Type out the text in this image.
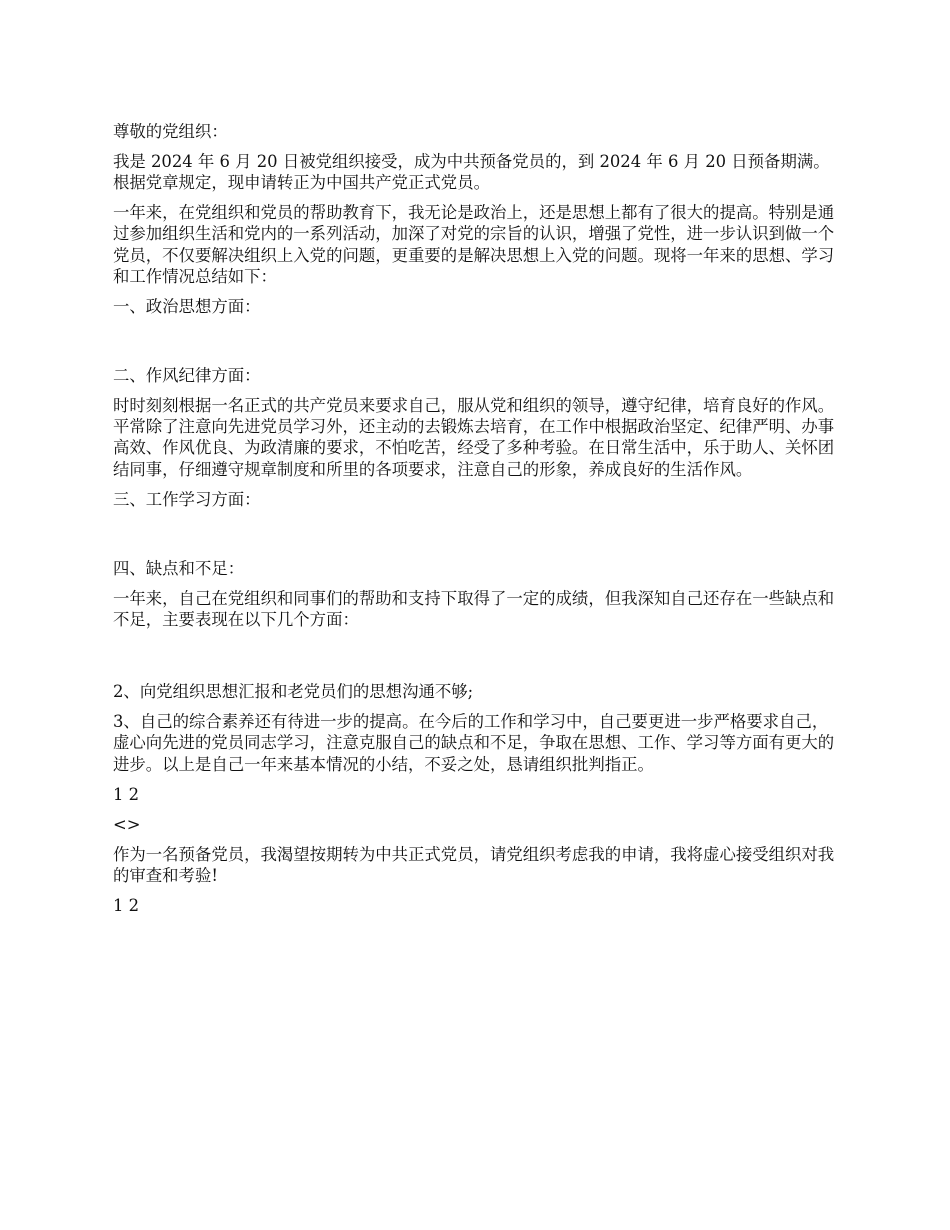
尊敬的党组织：

我是 2024 年 6 月 20 日被党组织接受，成为中共预备党员的，到 2024 年 6 月 20 日预备期满。根据党章规定，现申请转正为中国共产党正式党员。

一年来，在党组织和党员的帮助教育下，我无论是政治上，还是思想上都有了很大的提高。特别是通过参加组织生活和党内的一系列活动，加深了对党的宗旨的认识，增强了党性，进一步认识到做一个党员，不仅要解决组织上入党的问题，更重要的是解决思想上入党的问题。现将一年来的思想、学习和工作情况总结如下：

一、政治思想方面：

二、作风纪律方面：

时时刻刻根据一名正式的共产党员来要求自己，服从党和组织的领导，遵守纪律，培育良好的作风。平常除了注意向先进党员学习外，还主动的去锻炼去培育，在工作中根据政治坚定、纪律严明、办事高效、作风优良、为政清廉的要求，不怕吃苦，经受了多种考验。在日常生活中，乐于助人、关怀团结同事，仔细遵守规章制度和所里的各项要求，注意自己的形象，养成良好的生活作风。

三、工作学习方面：

四、缺点和不足：

一年来，自己在党组织和同事们的帮助和支持下取得了一定的成绩，但我深知自己还存在一些缺点和不足，主要表现在以下几个方面：

2、向党组织思想汇报和老党员们的思想沟通不够;

3、自己的综合素养还有待进一步的提高。在今后的工作和学习中，自己要更进一步严格要求自己，虚心向先进的党员同志学习，注意克服自己的缺点和不足，争取在思想、工作、学习等方面有更大的进步。以上是自己一年来基本情况的小结，不妥之处，恳请组织批判指正。

1 2

<>

作为一名预备党员，我渴望按期转为中共正式党员，请党组织考虑我的申请，我将虚心接受组织对我的审查和考验!

1 2
